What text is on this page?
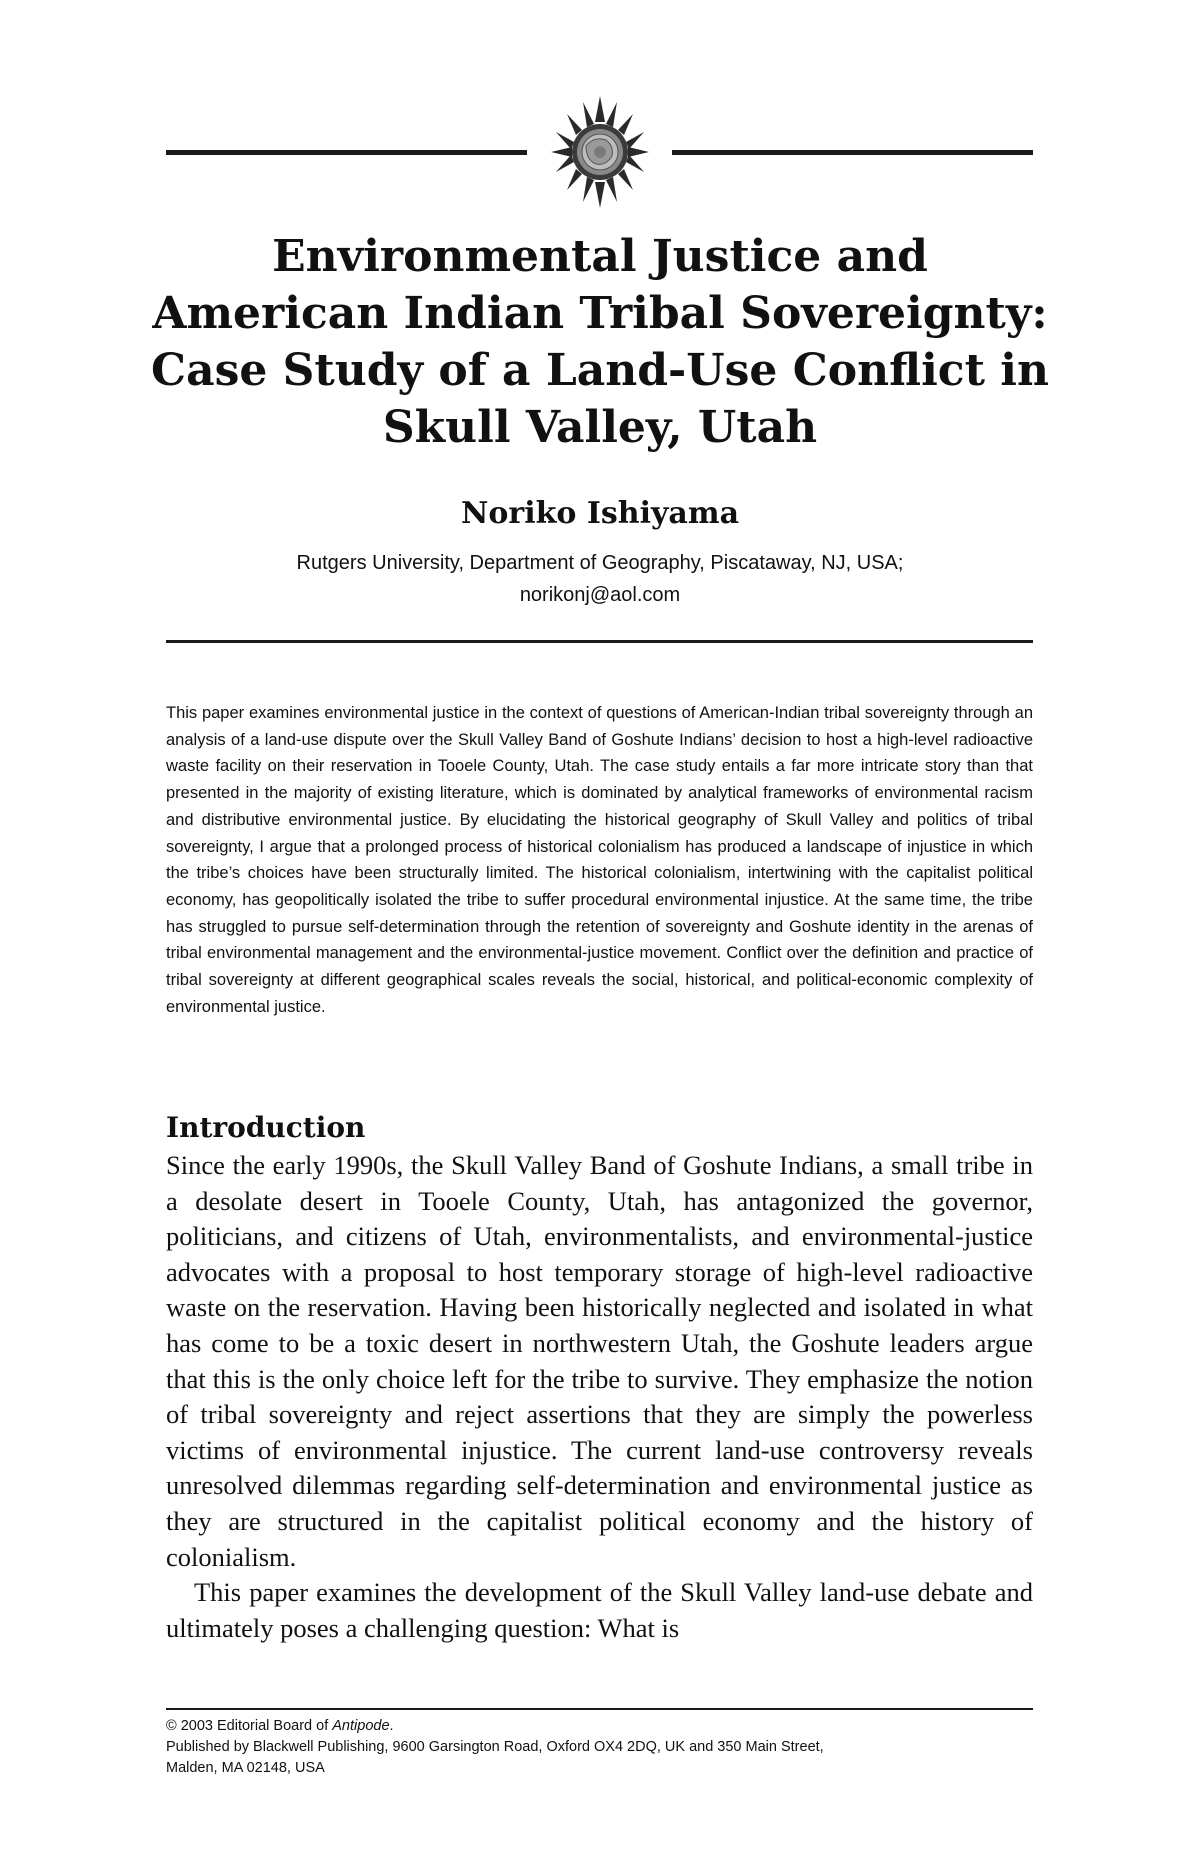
Environmental Justice and American Indian Tribal Sovereignty: Case Study of a Land-Use Conflict in Skull Valley, Utah
Noriko Ishiyama
Rutgers University, Department of Geography, Piscataway, NJ, USA;
norikonj@aol.com

This paper examines environmental justice in the context of questions of American-Indian tribal sovereignty through an analysis of a land-use dispute over the Skull Valley Band of Goshute Indians’ decision to host a high-level radioactive waste facility on their reservation in Tooele County, Utah. The case study entails a far more intricate story than that presented in the majority of existing literature, which is dominated by analytical frameworks of environmental racism and distributive environmental justice. By elucidating the historical geography of Skull Valley and politics of tribal sovereignty, I argue that a prolonged process of historical colonialism has produced a landscape of injustice in which the tribe’s choices have been structurally limited. The historical colonialism, intertwining with the capitalist political economy, has geopolitically isolated the tribe to suffer procedural environmental injustice. At the same time, the tribe has struggled to pursue self-determination through the retention of sovereignty and Goshute identity in the arenas of tribal environmental management and the environmental-justice movement. Conflict over the definition and practice of tribal sovereignty at different geographical scales reveals the social, historical, and political-economic complexity of environmental justice.

Introduction

Since the early 1990s, the Skull Valley Band of Goshute Indians, a small tribe in a desolate desert in Tooele County, Utah, has antagonized the governor, politicians, and citizens of Utah, environmentalists, and environmental-justice advocates with a proposal to host temporary storage of high-level radioactive waste on the reservation. Having been historically neglected and isolated in what has come to be a toxic desert in northwestern Utah, the Goshute leaders argue that this is the only choice left for the tribe to survive. They emphasize the notion of tribal sovereignty and reject assertions that they are simply the powerless victims of environmental injustice. The current land-use controversy reveals unresolved dilemmas regarding self-determination and environmental justice as they are structured in the capitalist political economy and the history of colonialism.

This paper examines the development of the Skull Valley land-use debate and ultimately poses a challenging question: What is

© 2003 Editorial Board of Antipode.
Published by Blackwell Publishing, 9600 Garsington Road, Oxford OX4 2DQ, UK and 350 Main Street,
Malden, MA 02148, USA
